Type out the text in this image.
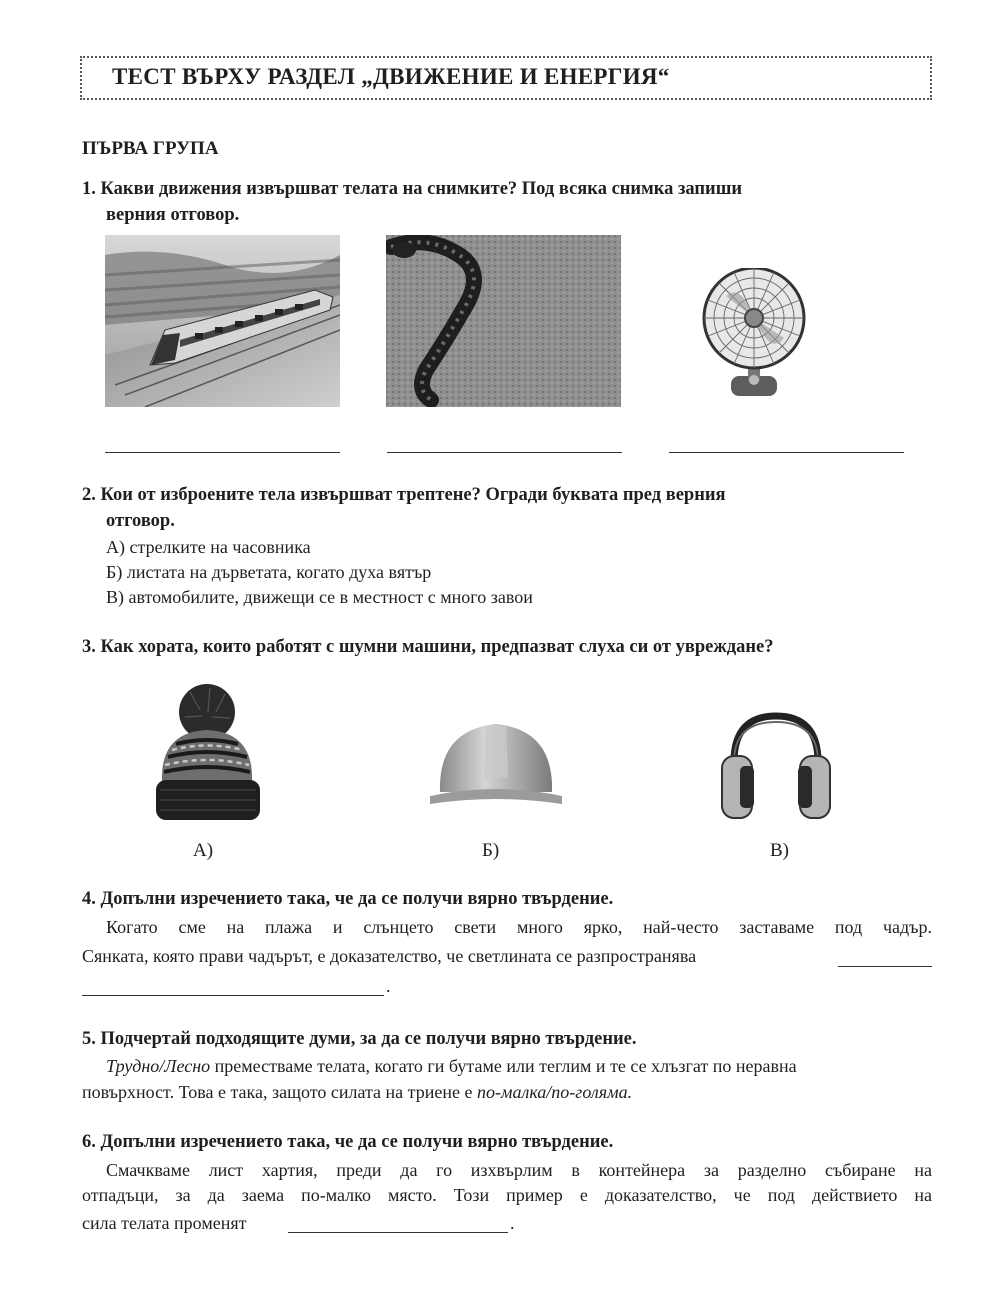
ТЕСТ ВЪРХУ РАЗДЕЛ „ДВИЖЕНИЕ И ЕНЕРГИЯ“
ПЪРВА ГРУПА
1. Какви движения извършват телата на снимките? Под всяка снимка запиши
верния отговор.
2. Кои от изброените тела извършват трептене? Огради буквата пред верния
отговор.
А) стрелките на часовника
Б) листата на дърветата, когато духа вятър
В) автомобилите, движещи се в местност с много завои
3. Как хората, които работят с шумни машини, предпазват слуха си от увреждане?
А)	Б)	В)
4. Допълни изречението така, че да се получи вярно твърдение.
Когато сме на плажа и слънцето свети много ярко, най-често заставаме под чадър.
Сянката, която прави чадърът, е доказателство, че светлината се разпространява
.
5. Подчертай подходящите думи, за да се получи вярно твърдение.
Трудно/Лесно преместваме телата, когато ги бутаме или теглим и те се хлъзгат по неравна
повърхност. Това е така, защото силата на триене е по-малка/по-голяма.
6. Допълни изречението така, че да се получи вярно твърдение.
Смачкваме лист хартия, преди да го изхвърлим в контейнера за разделно събиране на
отпадъци, за да заема по-малко място. Този пример е доказателство, че под действието на
сила телата променят	.
